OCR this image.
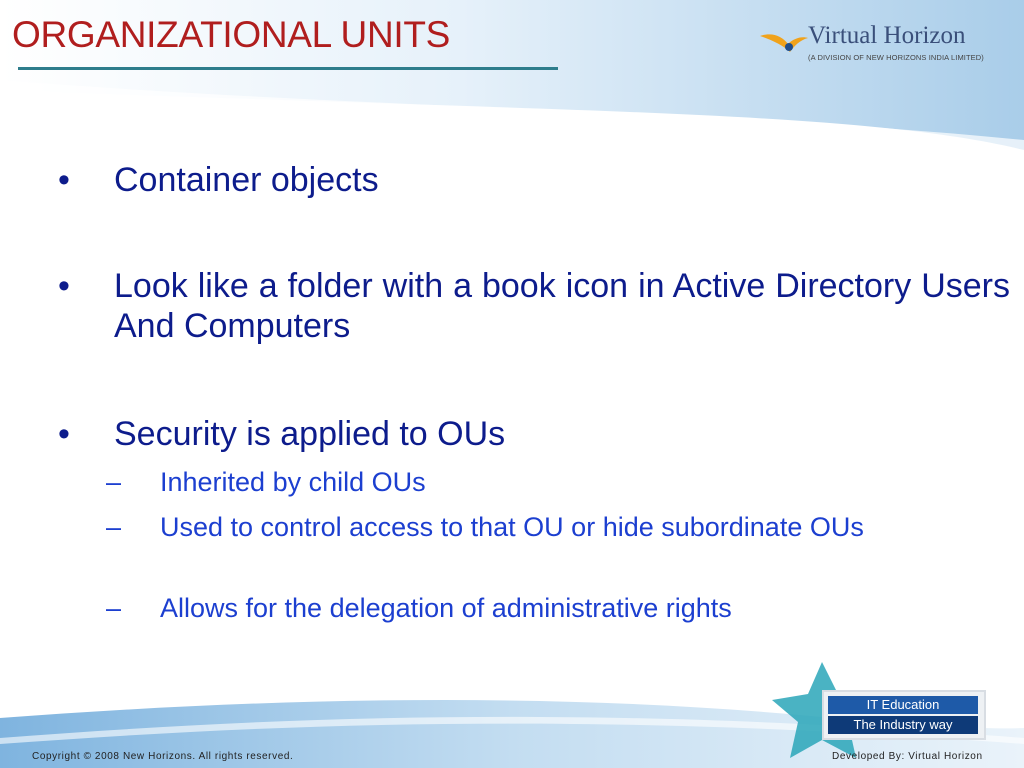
ORGANIZATIONAL UNITS	Virtual Horizon
(A DIVISION OF NEW HORIZONS INDIA LIMITED)
• Container objects
• Look like a folder with a book icon in Active Directory Users And Computers
• Security is applied to OUs
– Inherited by child OUs
– Used to control access to that OU or hide subordinate OUs
– Allows for the delegation of administrative rights
IT Education
The Industry way
Copyright © 2008 New Horizons. All rights reserved.	Developed By: Virtual Horizon
